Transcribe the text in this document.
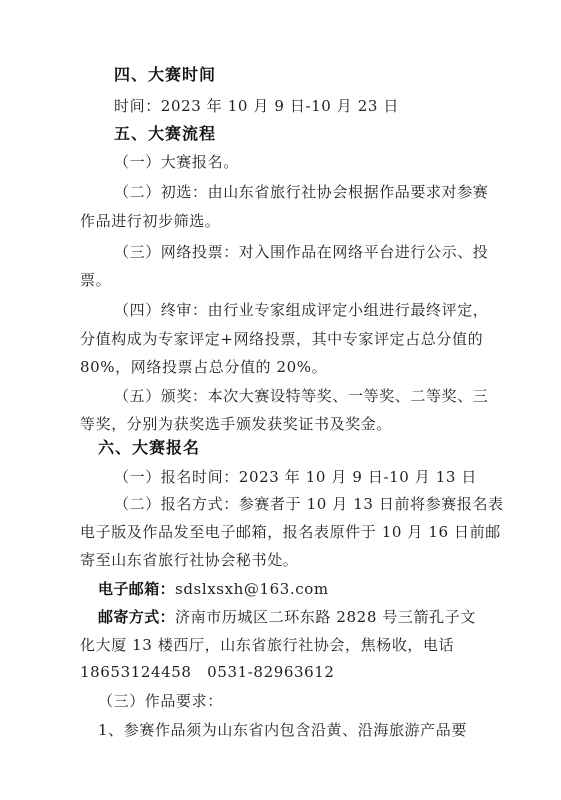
四、大赛时间
时间：2023 年 10 月 9 日-10 月 23 日
五、大赛流程
（一）大赛报名。
（二）初选：由山东省旅行社协会根据作品要求对参赛
作品进行初步筛选。
（三）网络投票：对入围作品在网络平台进行公示、投
票。
（四）终审：由行业专家组成评定小组进行最终评定，
分值构成为专家评定+网络投票，其中专家评定占总分值的
80%，网络投票占总分值的 20%。
（五）颁奖：本次大赛设特等奖、一等奖、二等奖、三
等奖，分别为获奖选手颁发获奖证书及奖金。
六、大赛报名
（一）报名时间：2023 年 10 月 9 日-10 月 13 日
（二）报名方式：参赛者于 10 月 13 日前将参赛报名表
电子版及作品发至电子邮箱，报名表原件于 10 月 16 日前邮
寄至山东省旅行社协会秘书处。
电子邮箱：sdslxsxh@163.com
邮寄方式：济南市历城区二环东路 2828 号三箭孔子文
化大厦 13 楼西厅，山东省旅行社协会，焦杨收，电话
18653124458　0531-82963612
（三）作品要求：
1、参赛作品须为山东省内包含沿黄、沿海旅游产品要
